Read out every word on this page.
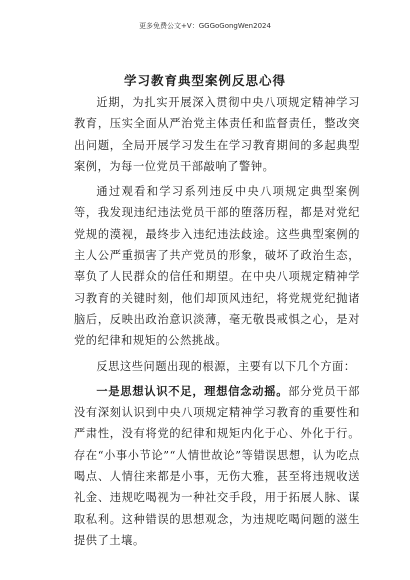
更多免费公文+V：GGGoGongWen2024
学习教育典型案例反思心得

近期，为扎实开展深入贯彻中央八项规定精神学习教育，压实全面从严治党主体责任和监督责任，整改突出问题，全局开展学习发生在学习教育期间的多起典型案例，为每一位党员干部敲响了警钟。

通过观看和学习系列违反中央八项规定典型案例等，我发现违纪违法党员干部的堕落历程，都是对党纪党规的漠视，最终步入违纪违法歧途。这些典型案例的主人公严重损害了共产党员的形象，破坏了政治生态，辜负了人民群众的信任和期望。在中央八项规定精神学习教育的关键时刻，他们却顶风违纪，将党规党纪抛诸脑后，反映出政治意识淡薄，毫无敬畏戒惧之心，是对党的纪律和规矩的公然挑战。

反思这些问题出现的根源，主要有以下几个方面：

一是思想认识不足，理想信念动摇。部分党员干部没有深刻认识到中央八项规定精神学习教育的重要性和严肃性，没有将党的纪律和规矩内化于心、外化于行。存在“小事小节论”“人情世故论”等错误思想，认为吃点喝点、人情往来都是小事，无伤大雅，甚至将违规收送礼金、违规吃喝视为一种社交手段，用于拓展人脉、谋取私利。这种错误的思想观念，为违规吃喝问题的滋生提供了土壤。
